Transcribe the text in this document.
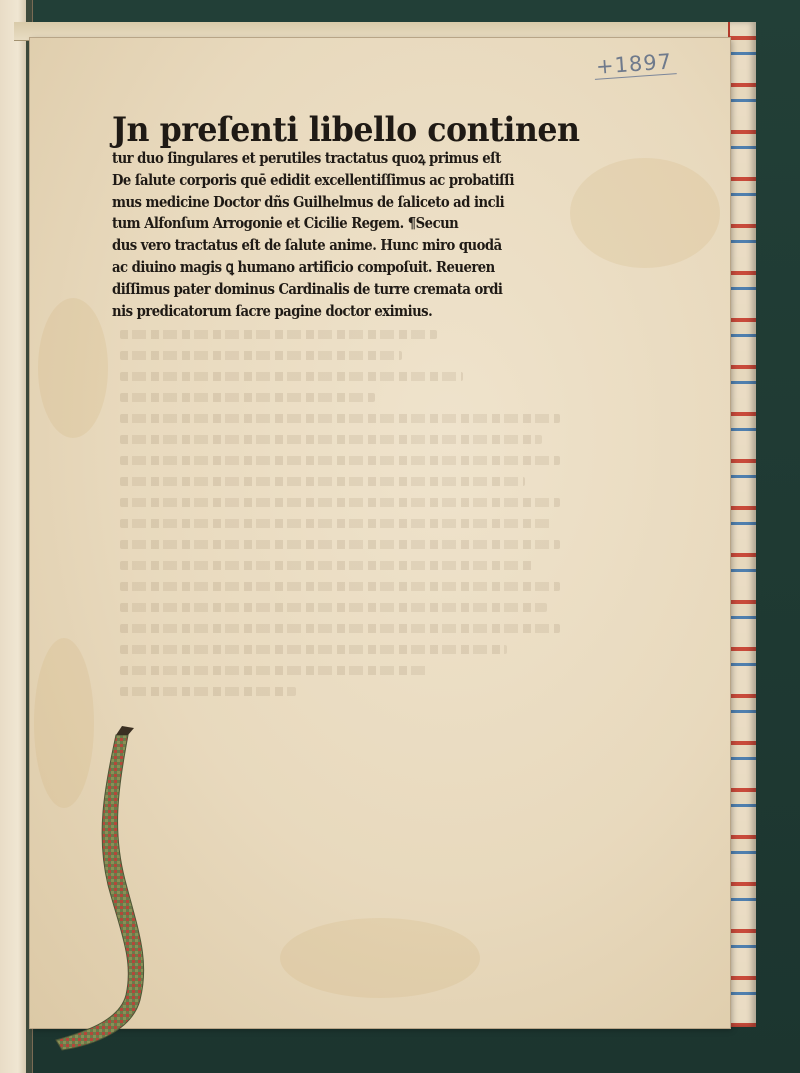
+1897

Jn preſenti libello continen

tur duo ſingulares et perutiles tractatus quoꝝ primus eſt

De ſalute corporis quē edidit excellentiſſimus ac probatiſſi

mus medicine Doctor dñs Guilhelmus de ſaliceto ad incli

tum Alfonſum Arrogonie et Cicilie Regem. ¶Secun

dus vero tractatus eſt de ſalute anime. Hunc miro quodā

ac diuino magis ꝗ humano artificio compoſuit. Reueren

diſſimus pater dominus Cardinalis de turre cremata ordi

nis predicatorum ſacre pagine doctor eximius.
